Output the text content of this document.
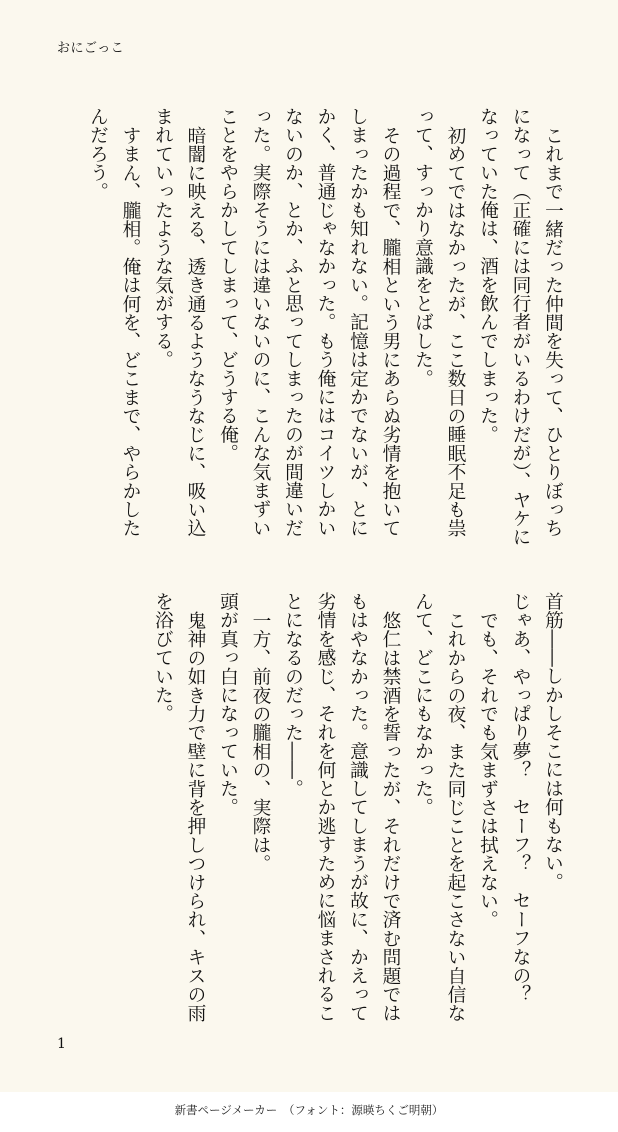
おにごっこ

これまで一緒だった仲間を失って、ひとりぼっちになって（正確には同行者がいるわけだが）、ヤケになっていた俺は、酒を飲んでしまった。

初めてではなかったが、ここ数日の睡眠不足も祟って、すっかり意識をとばした。

その過程で、朧相という男にあらぬ劣情を抱いてしまったかも知れない。記憶は定かでないが、とにかく、普通じゃなかった。もう俺にはコイツしかいないのか、とか、ふと思ってしまったのが間違いだった。実際そうには違いないのに、こんな気まずいことをやらかしてしまって、どうする俺。

暗闇に映える、透き通るようなうなじに、吸い込まれていったような気がする。

すまん、朧相。俺は何を、どこまで、やらかしたんだろう。

首筋――しかしそこには何もない。

じゃあ、やっぱり夢？　セーフ？　セーフなの？

でも、それでも気まずさは拭えない。

これからの夜、また同じことを起こさない自信なんて、どこにもなかった。

悠仁は禁酒を誓ったが、それだけで済む問題ではもはやなかった。意識してしまうが故に、かえって劣情を感じ、それを何とか逃すために悩まされることになるのだった――。

一方、前夜の朧相の、実際は。

頭が真っ白になっていた。

鬼神の如き力で壁に背を押しつけられ、キスの雨を浴びていた。

1
新書ページメーカー　（フォント：源暎ちくご明朝）
